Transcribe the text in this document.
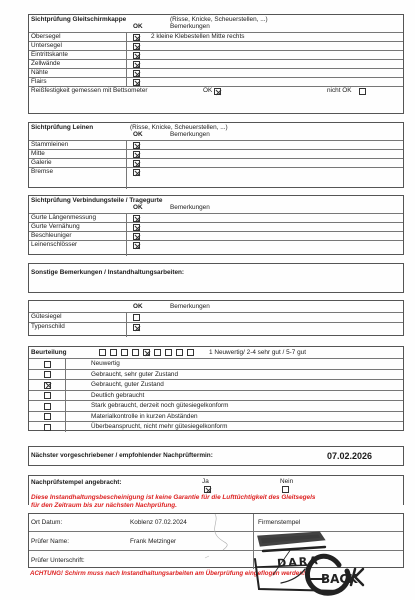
Sichtprüfung Gleitschirmkappe	(Risse, Knicke, Scheuerstellen, ...)
OK	Bemerkungen
Obersegel	2 kleine Klebestellen Mitte rechts
Untersegel
Eintrittskante
Zellwände
Nähte
Flairs
Reißfestigkeit gemessen mit Bettsometer	OK	nicht OK
Sichtprüfung Leinen	(Risse, Knicke, Scheuerstellen, ...)
OK	Bemerkungen
Stammleinen
Mitte
Galerie
Bremse
Sichtprüfung Verbindungsteile / Tragegurte
OK	Bemerkungen
Gurte Längenmessung
Gurte Vernähung
Beschleuniger
Leinenschlösser
Sonstige Bemerkungen / Instandhaltungsarbeiten:
OK	Bemerkungen
Gütesiegel
Typenschild
Beurteilung	1 Neuwertig/ 2-4 sehr gut / 5-7 gut
Neuwertig
Gebraucht, sehr guter Zustand
Gebraucht, guter Zustand
Deutlich gebraucht
Stark gebraucht, derzeit noch gütesiegelkonform
Materialkontrolle in kurzen Abständen
Überbeansprucht, nicht mehr gütesiegelkonform
Nächster vorgeschriebener / empfohlender Nachprüftermin:	07.02.2026
Nachprüfstempel angebracht:	Ja	Nein
Diese Instandhaltungsbescheinigung ist keine Garantie für die Lufttüchtigkeit des Gleitsegels
für den Zeitraum bis zur nächsten Nachprüfung.
Ort Datum:	Koblenz 07.02.2024	Firmenstempel
Prüfer Name:	Frank Metzinger
Prüfer Unterschrift:
ACHTUNG! Schirm muss nach Instandhaltungsarbeiten am Überprüfung eingeflogen werden!
DARA
BACK
